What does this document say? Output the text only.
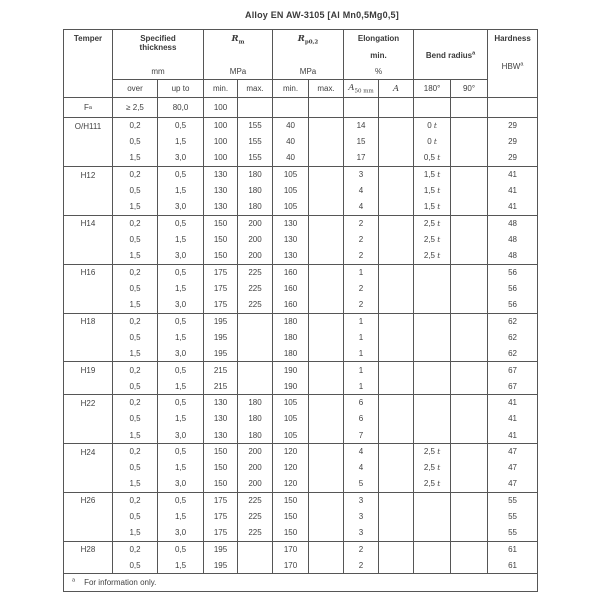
Alloy EN AW-3105 [Al Mn0,5Mg0,5]
Temper	Specified
thickness
mm		$R_m$
MPa		$R_{p0,2}$
MPa		Elongation
min.
%		Bend radius$^a$		Hardness
HBW$^a$

	over	up to	min.	max.	min.	max.	$A_{50 mm}$	A	180°	90°	

F a	≥ 2,5	80,0	100								

O/H111	0,2	0,5	100	155	40		14		0 t		29
	0,5	1,5	100	155	40		15		0 t		29
	1,5	3,0	100	155	40		17		0,5 t		29

H12	0,2	0,5	130	180	105		3		1,5 t		41
	0,5	1,5	130	180	105		4		1,5 t		41
	1,5	3,0	130	180	105		4		1,5 t		41

H14	0,2	0,5	150	200	130		2		2,5 t		48
	0,5	1,5	150	200	130		2		2,5 t		48
	1,5	3,0	150	200	130		2		2,5 t		48

H16	0,2	0,5	175	225	160		1				56
	0,5	1,5	175	225	160		2				56
	1,5	3,0	175	225	160		2				56

H18	0,2	0,5	195		180		1				62
	0,5	1,5	195		180		1				62
	1,5	3,0	195		180		1				62

H19	0,2	0,5	215		190		1				67
	0,5	1,5	215		190		1				67

H22	0,2	0,5	130	180	105		6				41
	0,5	1,5	130	180	105		6				41
	1,5	3,0	130	180	105		7				41

H24	0,2	0,5	150	200	120		4		2,5 t		47
	0,5	1,5	150	200	120		4		2,5 t		47
	1,5	3,0	150	200	120		5		2,5 t		47

H26	0,2	0,5	175	225	150		3				55
	0,5	1,5	175	225	150		3				55
	1,5	3,0	175	225	150		3				55

H28	0,2	0,5	195		170		2				61
	0,5	1,5	195		170		2				61
$^a$ For information only.											
